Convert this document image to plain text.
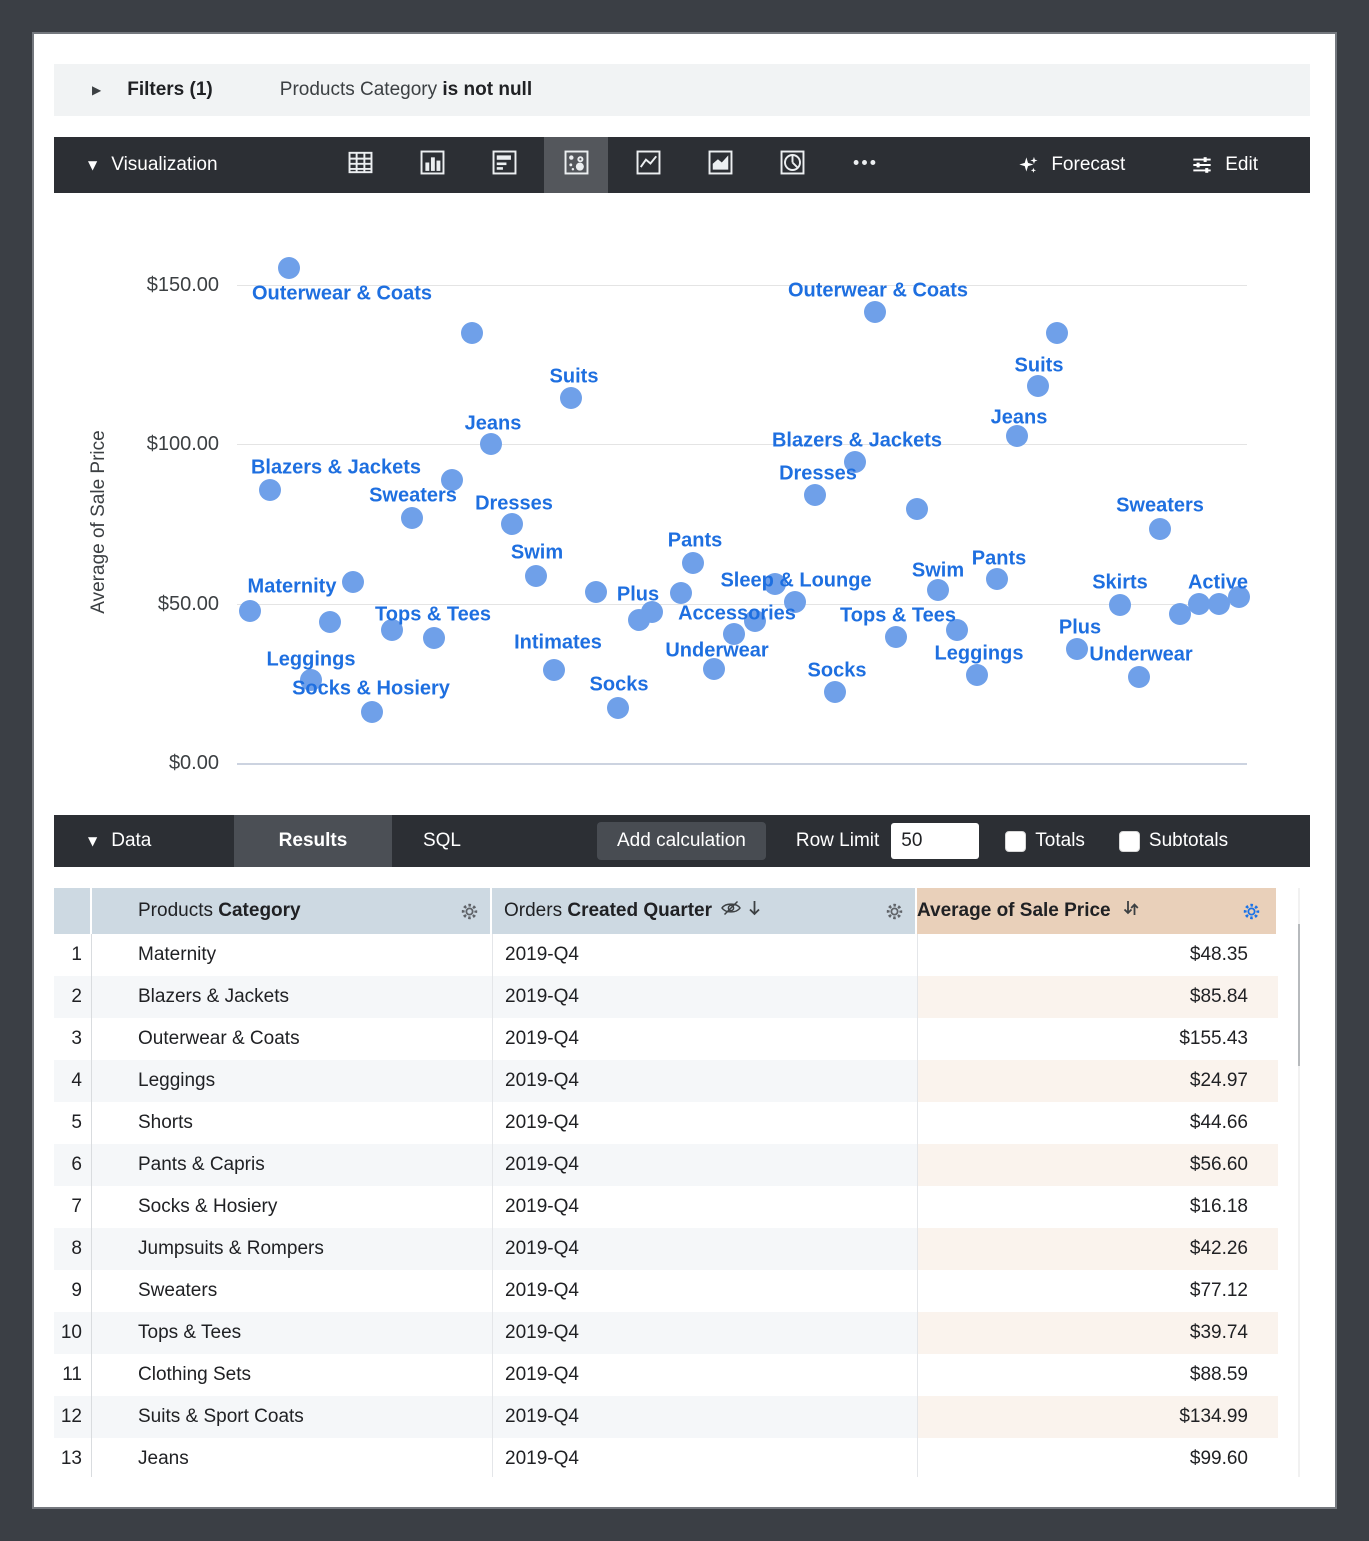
▶ Filters (1)	Products Category is not null
▼ Visualization	Forecast	Edit
Average of Sale Price
$150.00
$100.00
$50.00
$0.00
Outerwear & Coats
Suits
Jeans
Blazers & Jackets
Sweaters Dresses
Swim
Maternity
Tops & Tees
Leggings
Socks & Hosiery
Plus
Accessories
Sleep & Lounge
Intimates
Socks
Underwear
Pants
Outerwear & Coats
Suits
Jeans
Blazers & Jackets
Dresses
Sweaters
Swim
Pants
Tops & Tees
Skirts Active
Leggings
Plus
Underwear
Socks
▼ Data	Results	SQL	Add calculation	Row Limit
50	Totals	Subtotals
Products Category	Orders Created Quarter	Average of Sale Price
1	Maternity	2019-Q4	$48.35
2	Blazers & Jackets	2019-Q4	$85.84
3	Outerwear & Coats	2019-Q4	$155.43
4	Leggings	2019-Q4	$24.97
5	Shorts	2019-Q4	$44.66
6	Pants & Capris	2019-Q4	$56.60
7	Socks & Hosiery	2019-Q4	$16.18
8	Jumpsuits & Rompers	2019-Q4	$42.26
9	Sweaters	2019-Q4	$77.12
10	Tops & Tees	2019-Q4	$39.74
11	Clothing Sets	2019-Q4	$88.59
12	Suits & Sport Coats	2019-Q4	$134.99
13	Jeans	2019-Q4	$99.60
